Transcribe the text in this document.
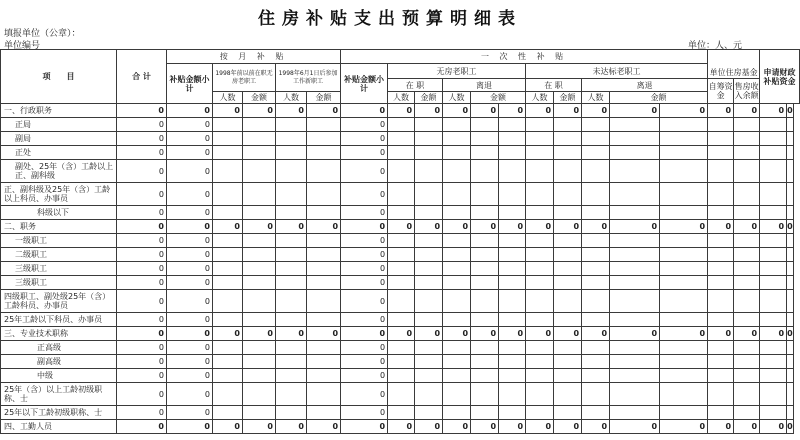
住房补贴支出预算明细表
填报单位（公章）：
单位编号	单位：人、元
项　　目	合 计	按 月 补 贴					一 次 性 补 贴													申请财政补贴资金	
		补贴金额小计	1998年前以前在职无房老职工		1998年6月1日后参加工作新职工		补贴金额小计	无房老职工					未达标老职工								
																		单位住房基金			
								在 职		离退			在 职		离退			自筹资金	售房收入余额		
			人数	金额	人数	金额		人数	金额	人数	金额		人数	金额	人数	金额					
一、行政职务	0	0	0	0	0	0	0	0	0	0	0	0	0	0	0	0	0	0	0	0	0
正局	0	0					0														
副局	0	0					0														
正处	0	0					0														
副处、25年（含）工龄以上正、副科级	0	0					0														
正、副科级及25年（含）工龄以上科员、办事员	0	0					0														
科级以下	0	0					0														
二、职务	0	0	0	0	0	0	0	0	0	0	0	0	0	0	0	0	0	0	0	0	0
一级职工	0	0					0														
二级职工	0	0					0														
三级职工	0	0					0														
三级职工	0	0					0														
四级职工、副处级25年（含）工龄科员、办事员	0	0					0														
25年工龄以下科员、办事员	0	0					0														
三、专业技术职称	0	0	0	0	0	0	0	0	0	0	0	0	0	0	0	0	0	0	0	0	0
正高级	0	0					0														
副高级	0	0					0														
中级	0	0					0														
25年（含）以上工龄初级职称、士	0	0					0														
25年以下工龄初级职称、士	0	0					0														
四、工勤人员	0	0	0	0	0	0	0	0	0	0	0	0	0	0	0	0	0	0	0	0	0
